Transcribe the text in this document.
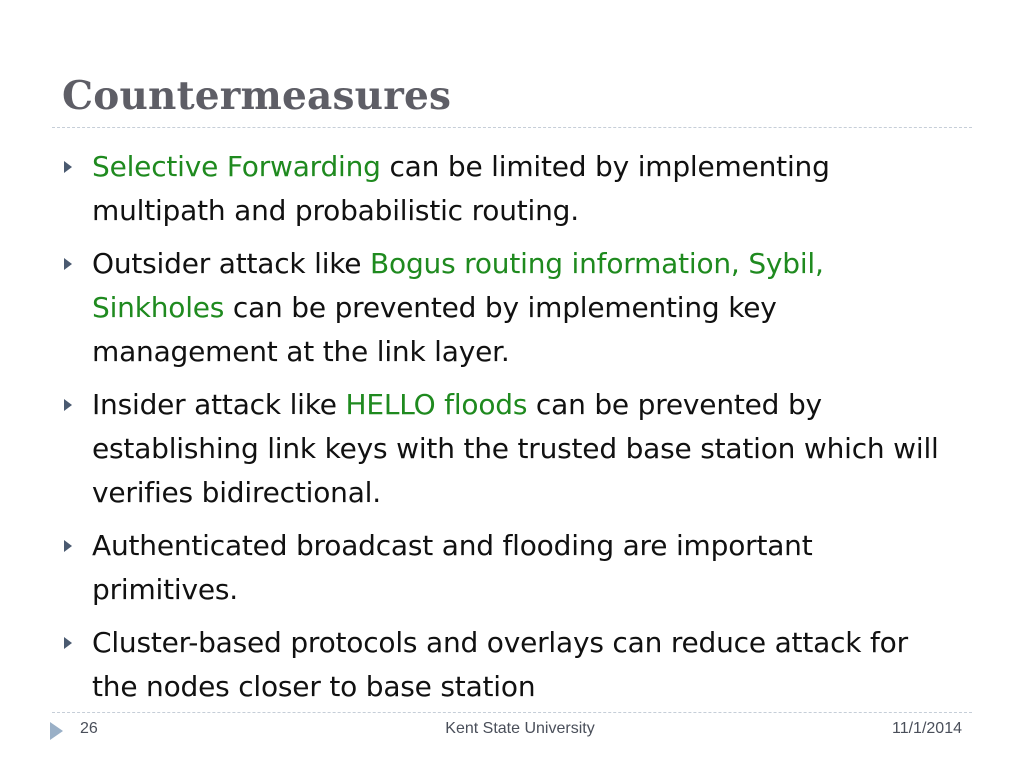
Countermeasures
Selective Forwarding can be limited by implementing multipath and probabilistic routing.
Outsider attack like Bogus routing information, Sybil, Sinkholes can be prevented by implementing key management at the link layer.
Insider attack like HELLO floods can be prevented by establishing link keys with the trusted base station which will verifies bidirectional.
Authenticated broadcast and flooding are important primitives.
Cluster-based protocols and overlays can reduce attack for the nodes closer to base station
26	Kent State University	11/1/2014
